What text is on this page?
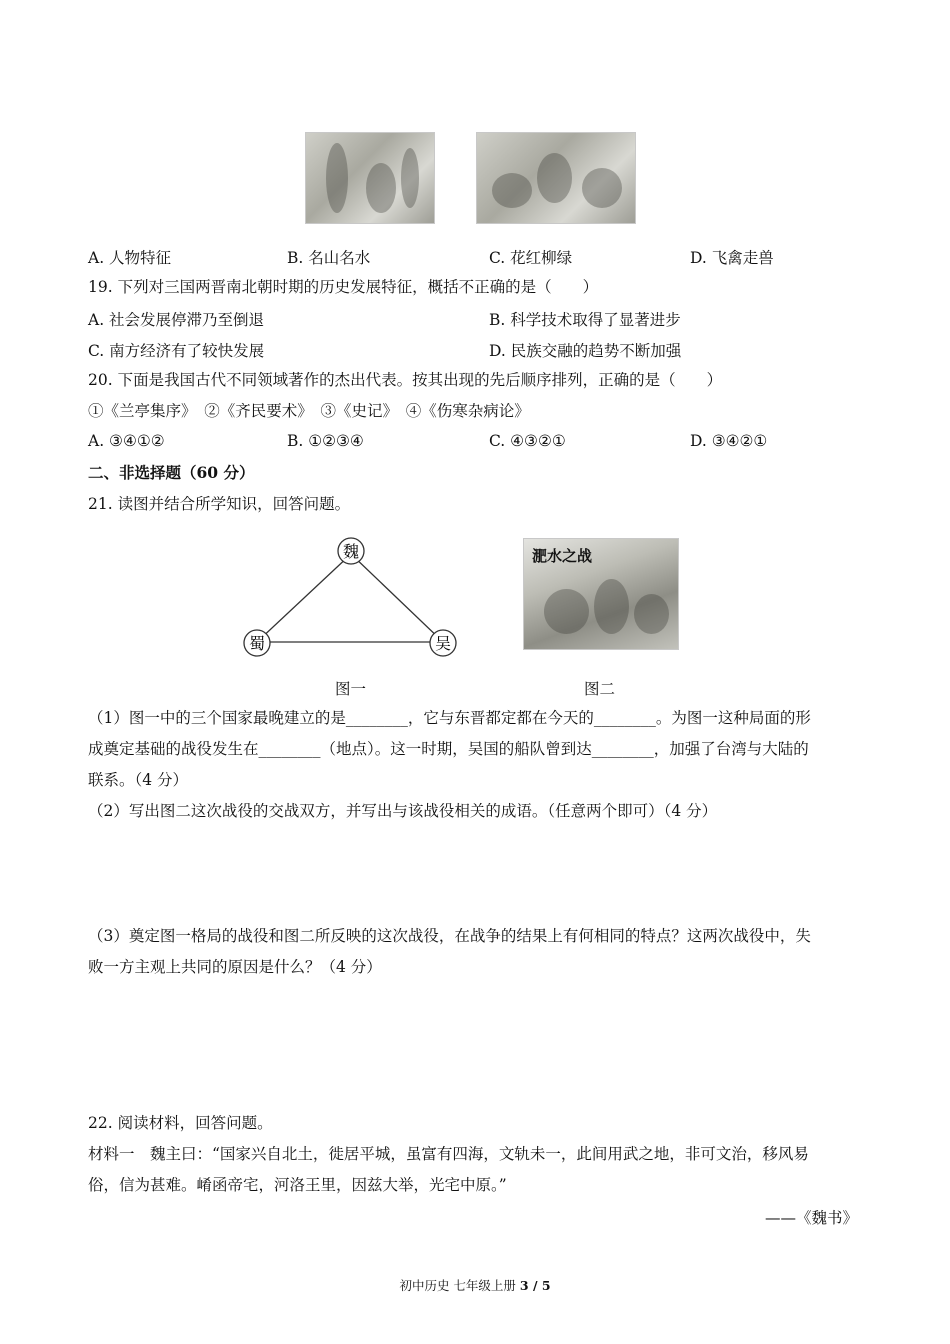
A. 人物特征	B. 名山名水	C. 花红柳绿	D. 飞禽走兽
19. 下列对三国两晋南北朝时期的历史发展特征，概括不正确的是（　　）
A. 社会发展停滞乃至倒退	B. 科学技术取得了显著进步
C. 南方经济有了较快发展	D. 民族交融的趋势不断加强
20. 下面是我国古代不同领域著作的杰出代表。按其出现的先后顺序排列，正确的是（　　）
①《兰亭集序》　②《齐民要术》　③《史记》　④《伤寒杂病论》
A. ③④①②	B. ①②③④	C. ④③②①	D. ③④②①
二、非选择题（60 分）
21. 读图并结合所学知识，回答问题。
魏
蜀	吴
淝水之战
图一	图二
（1）图一中的三个国家最晚建立的是________，它与东晋都定都在今天的________。为图一这种局面的形
成奠定基础的战役发生在________（地点）。这一时期，吴国的船队曾到达________，加强了台湾与大陆的
联系。（4 分）
（2）写出图二这次战役的交战双方，并写出与该战役相关的成语。（任意两个即可）（4 分）
（3）奠定图一格局的战役和图二所反映的这次战役，在战争的结果上有何相同的特点？这两次战役中，失
败一方主观上共同的原因是什么？（4 分）
22. 阅读材料，回答问题。
材料一　魏主曰：“国家兴自北土，徙居平城，虽富有四海，文轨未一，此间用武之地，非可文治，移风易
俗，信为甚难。崤函帝宅，河洛王里，因兹大举，光宅中原。”
——《魏书》
初中历史 七年级上册 3 / 5
